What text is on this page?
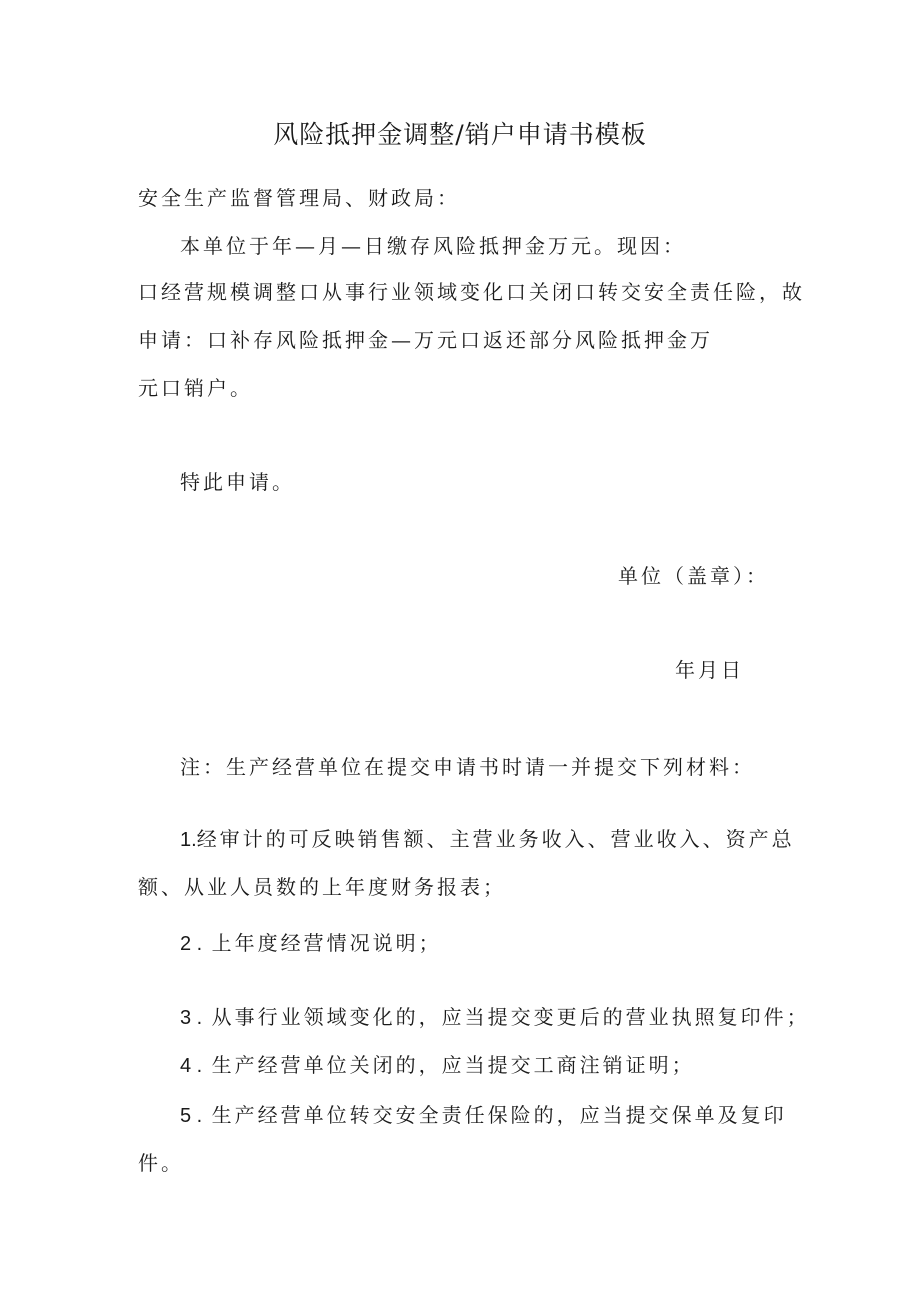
风险抵押金调整/销户申请书模板
安全生产监督管理局、财政局：
本单位于年—月—日缴存风险抵押金万元。现因：
口经营规模调整口从事行业领域变化口关闭口转交安全责任险，故
申请：口补存风险抵押金—万元口返还部分风险抵押金万
元口销户。
特此申请。
单位（盖章）：
年月日
注：生产经营单位在提交申请书时请一并提交下列材料：
1.经审计的可反映销售额、主营业务收入、营业收入、资产总
额、从业人员数的上年度财务报表；
2 . 上年度经营情况说明；
3 . 从事行业领域变化的，应当提交变更后的营业执照复印件；
4 . 生产经营单位关闭的，应当提交工商注销证明；
5 . 生产经营单位转交安全责任保险的，应当提交保单及复印
件。
